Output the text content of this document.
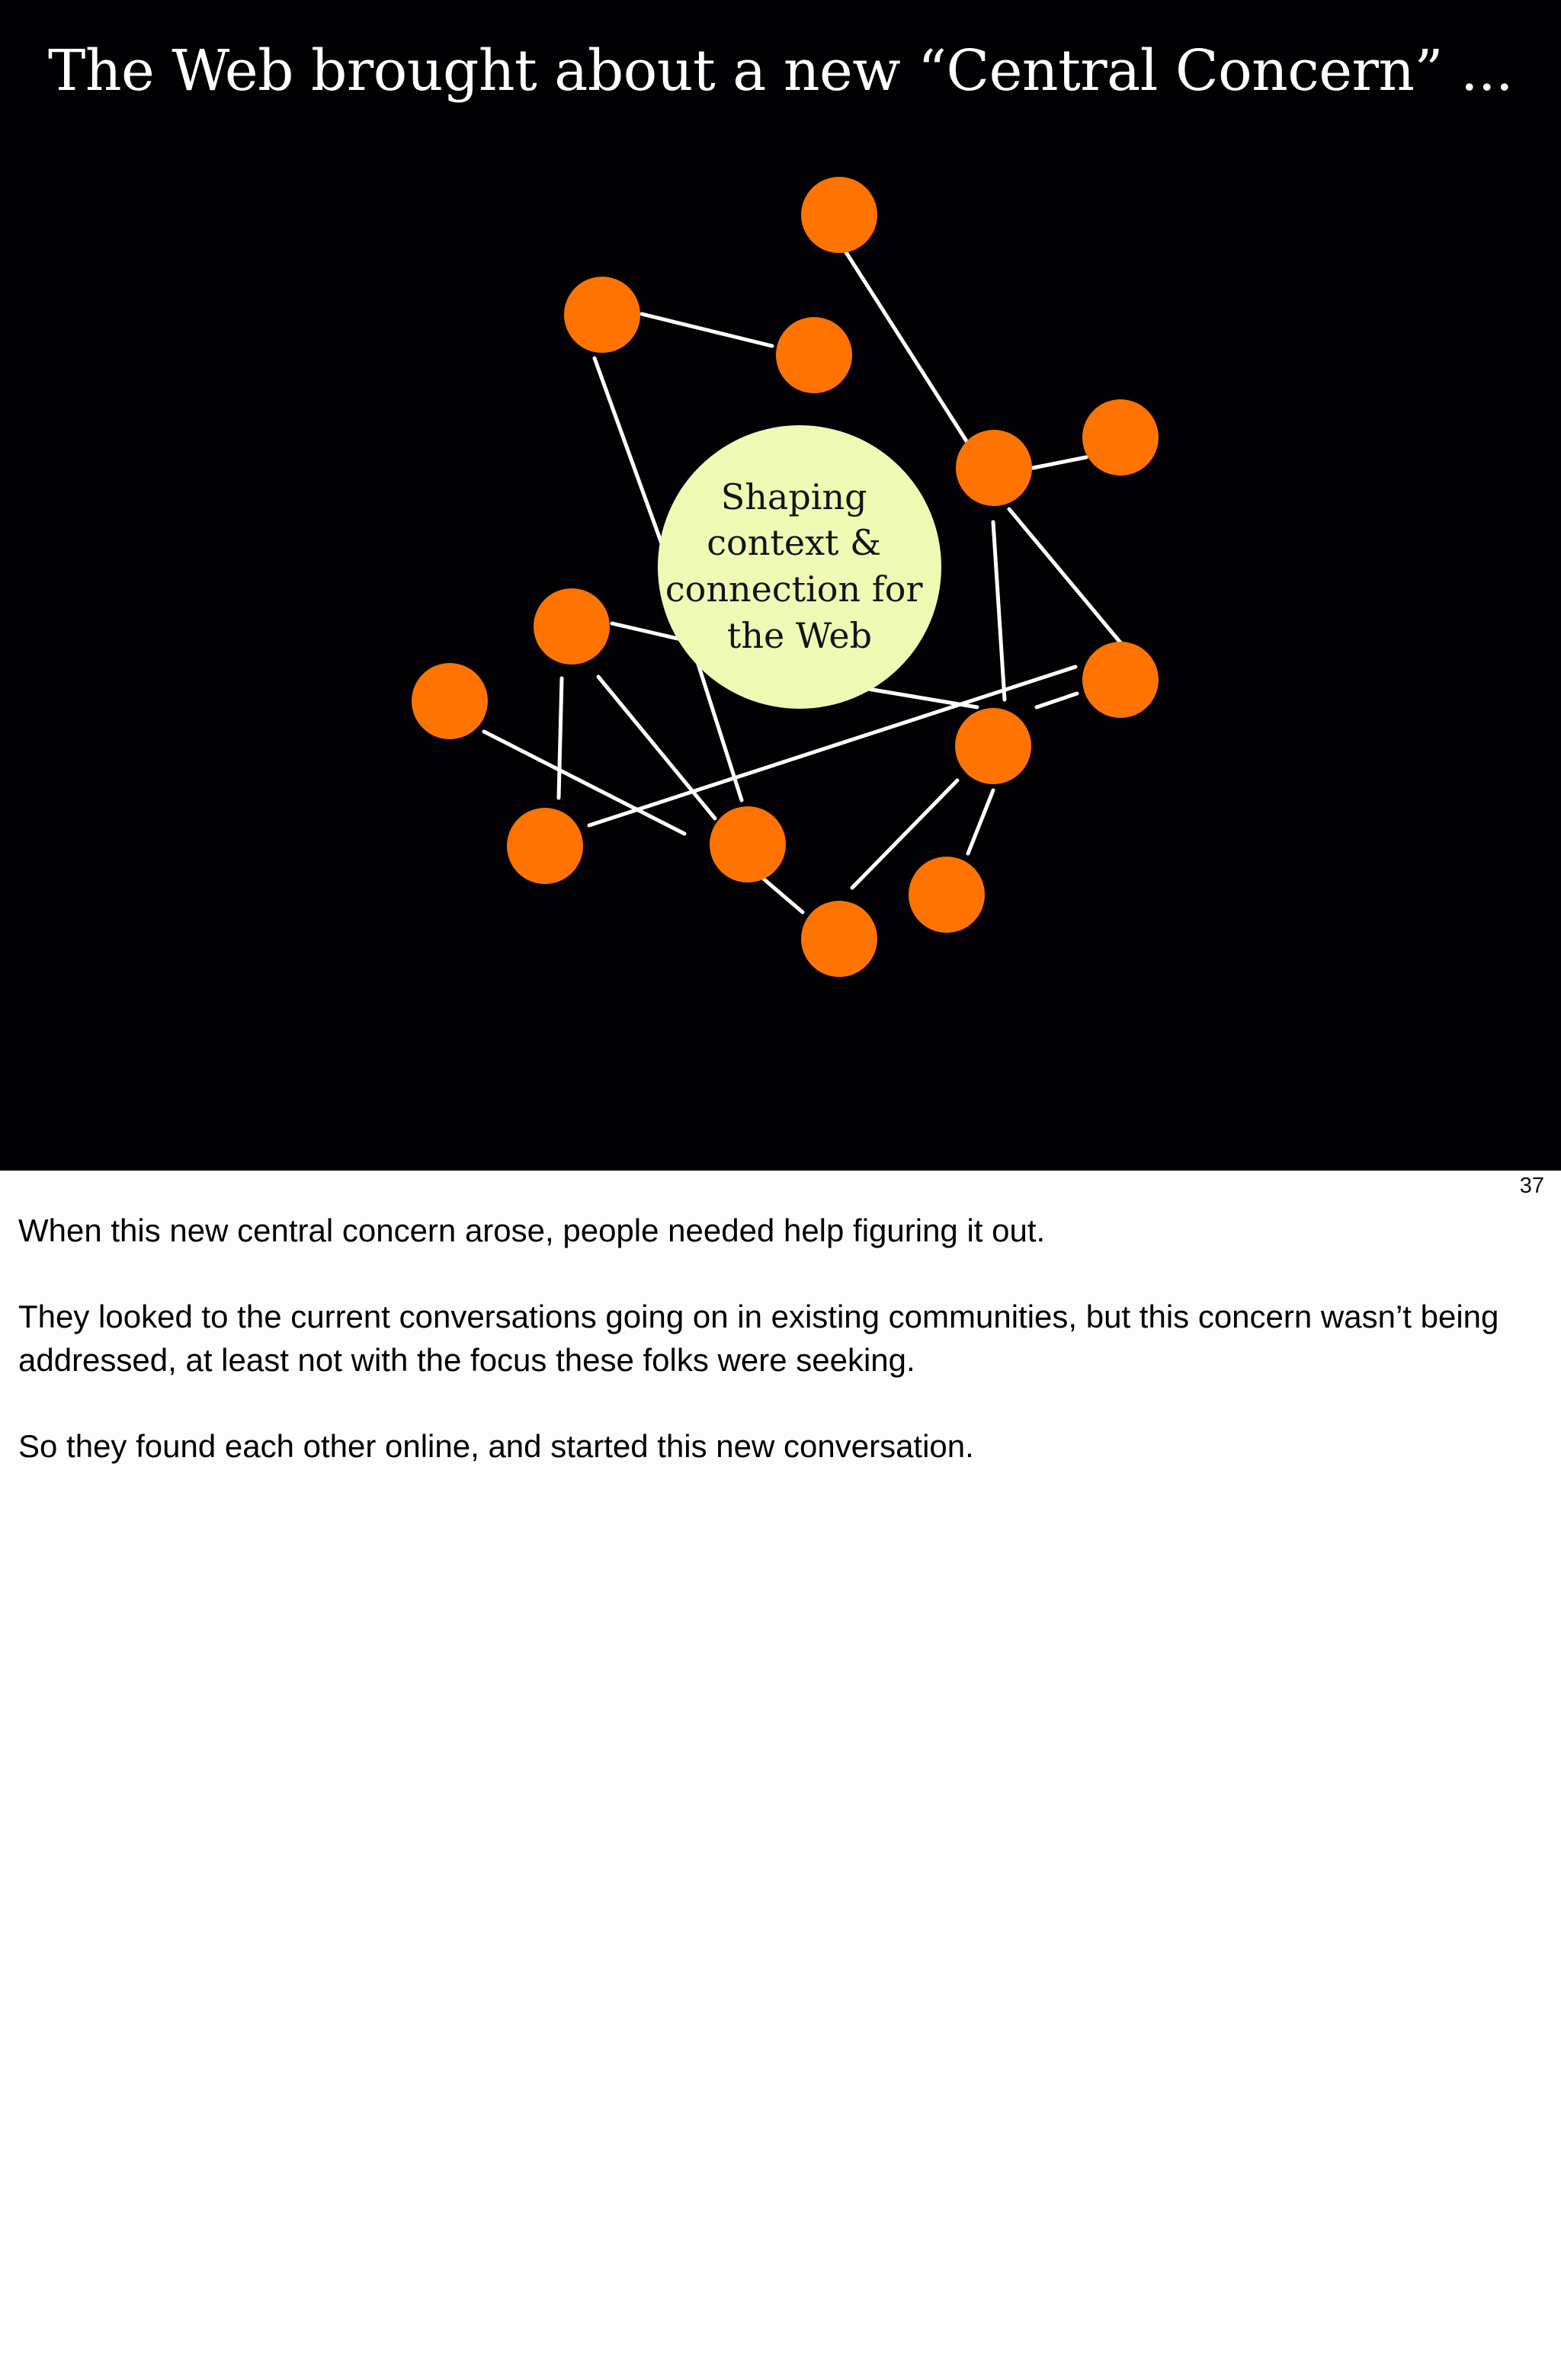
The Web brought about a new “Central Concern” ...
Shaping context & connection for the Web
37

When this new central concern arose, people needed help figuring it out.

They looked to the current conversations going on in existing communities, but this concern wasn’t being addressed, at least not with the focus these folks were seeking.

So they found each other online, and started this new conversation.
